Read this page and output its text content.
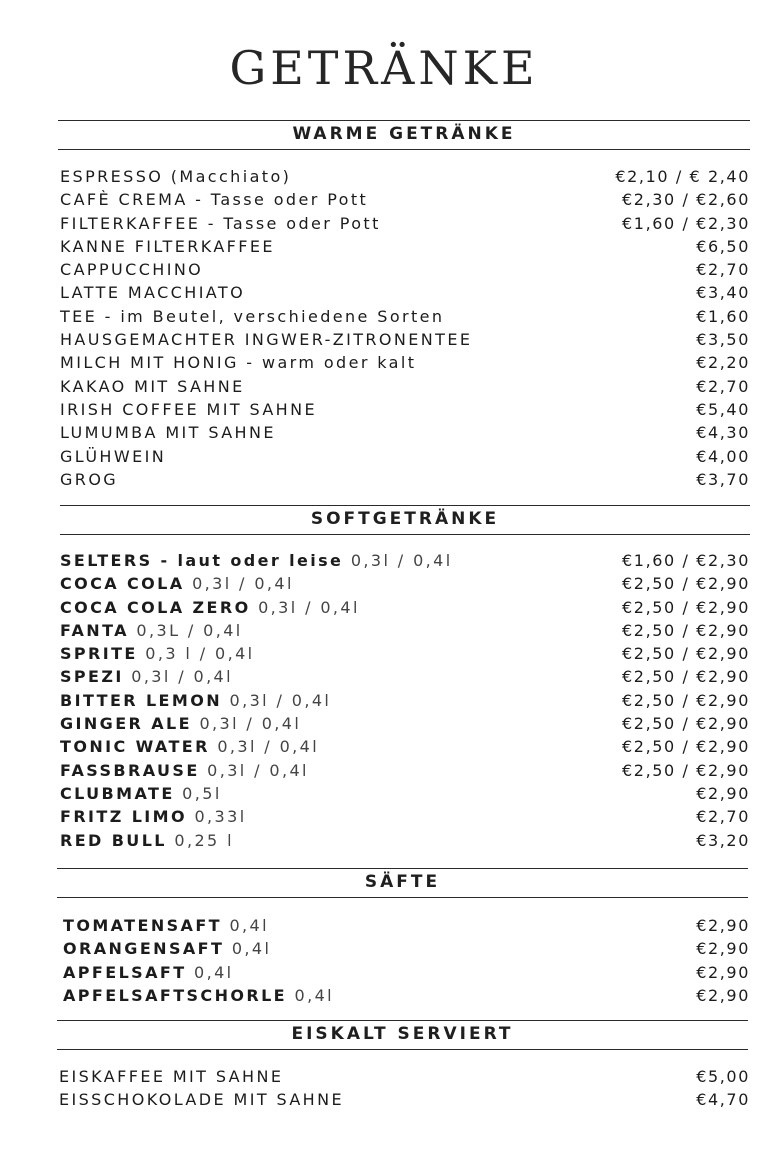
GETRÄNKE
WARME GETRÄNKE
ESPRESSO (Macchiato)	€2,10 / € 2,40
CAFÈ CREMA - Tasse oder Pott	€2,30 / €2,60
FILTERKAFFEE - Tasse oder Pott	€1,60 / €2,30
KANNE FILTERKAFFEE	€6,50
CAPPUCCHINO	€2,70
LATTE MACCHIATO	€3,40
TEE - im Beutel, verschiedene Sorten	€1,60
HAUSGEMACHTER INGWER-ZITRONENTEE	€3,50
MILCH MIT HONIG - warm oder kalt	€2,20
KAKAO MIT SAHNE	€2,70
IRISH COFFEE MIT SAHNE	€5,40
LUMUMBA MIT SAHNE	€4,30
GLÜHWEIN	€4,00
GROG	€3,70
SOFTGETRÄNKE
SELTERS - laut oder leise 0,3l / 0,4l	€1,60 / €2,30
COCA COLA 0,3l / 0,4l	€2,50 / €2,90
COCA COLA ZERO 0,3l / 0,4l	€2,50 / €2,90
FANTA 0,3L / 0,4l	€2,50 / €2,90
SPRITE 0,3 l / 0,4l	€2,50 / €2,90
SPEZI 0,3l / 0,4l	€2,50 / €2,90
BITTER LEMON 0,3l / 0,4l	€2,50 / €2,90
GINGER ALE 0,3l / 0,4l	€2,50 / €2,90
TONIC WATER 0,3l / 0,4l	€2,50 / €2,90
FASSBRAUSE 0,3l / 0,4l	€2,50 / €2,90
CLUBMATE 0,5l	€2,90
FRITZ LIMO 0,33l	€2,70
RED BULL 0,25 l	€3,20
SÄFTE
TOMATENSAFT 0,4l	€2,90
ORANGENSAFT 0,4l	€2,90
APFELSAFT 0,4l	€2,90
APFELSAFTSCHORLE 0,4l	€2,90
EISKALT SERVIERT
EISKAFFEE MIT SAHNE	€5,00
EISSCHOKOLADE MIT SAHNE	€4,70
